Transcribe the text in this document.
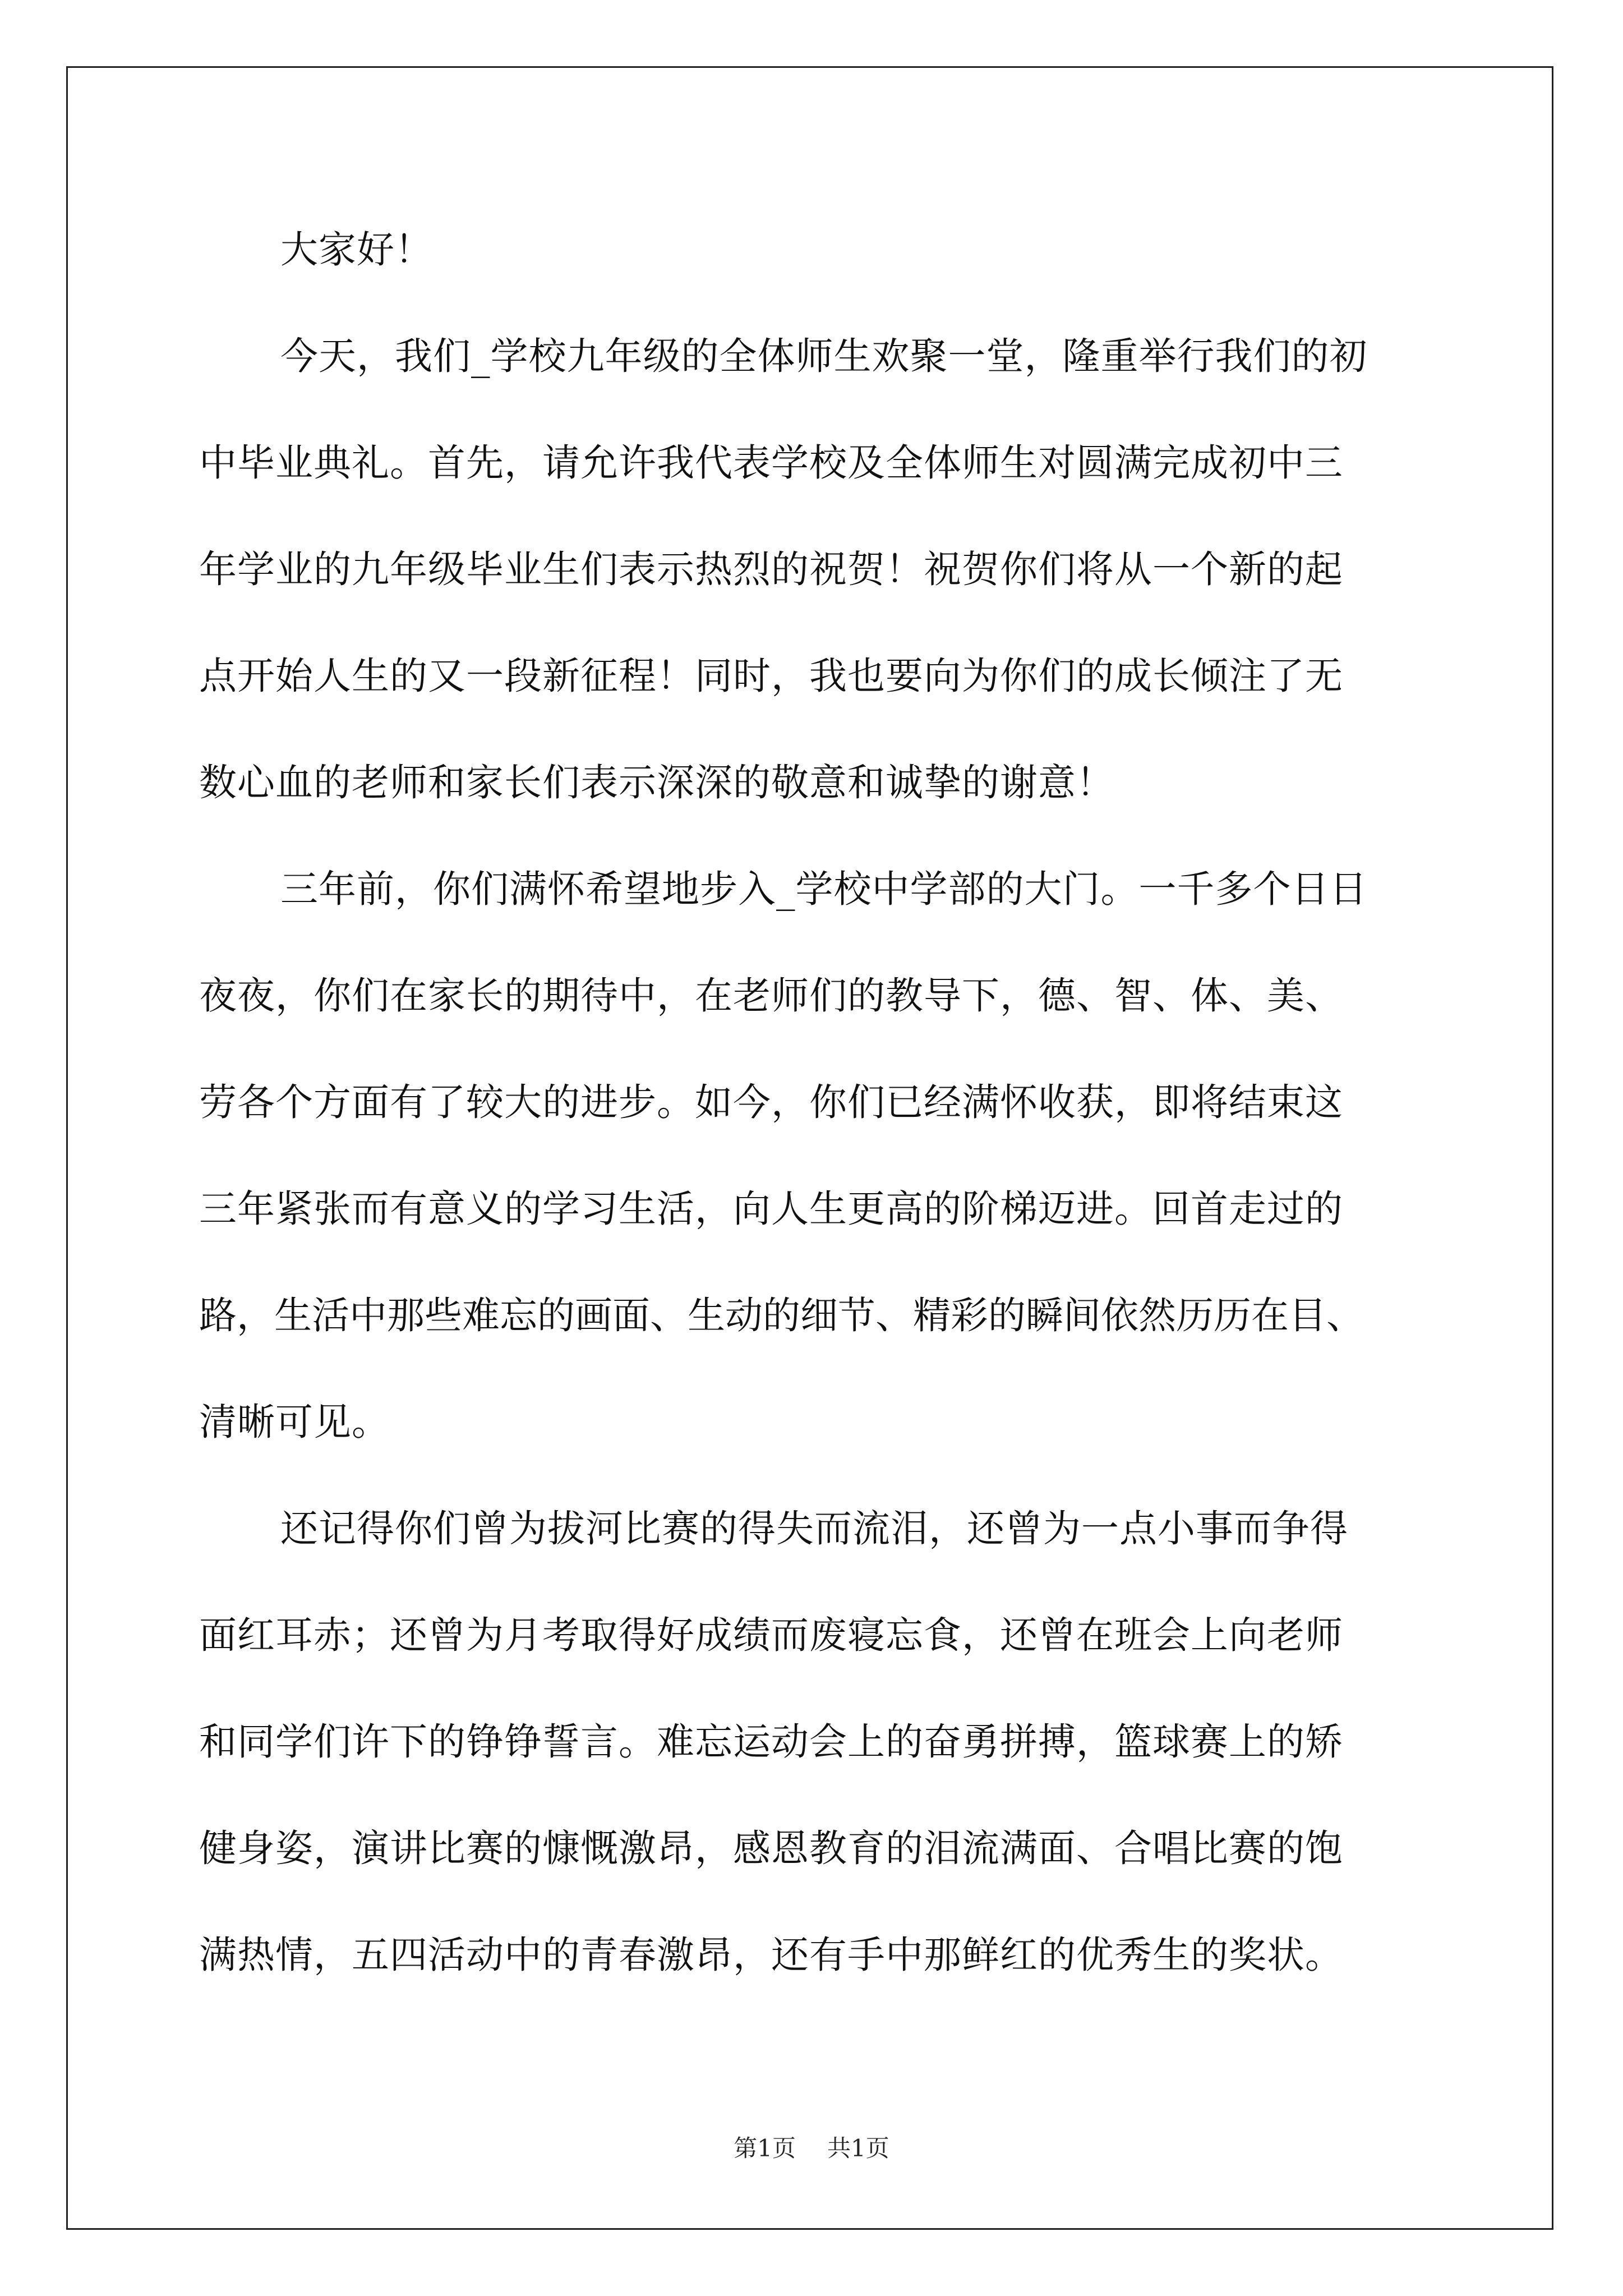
大家好！
今天，我们_学校九年级的全体师生欢聚一堂，隆重举行我们的初
中毕业典礼。首先，请允许我代表学校及全体师生对圆满完成初中三
年学业的九年级毕业生们表示热烈的祝贺！祝贺你们将从一个新的起
点开始人生的又一段新征程！同时，我也要向为你们的成长倾注了无
数心血的老师和家长们表示深深的敬意和诚挚的谢意！
三年前，你们满怀希望地步入_学校中学部的大门。一千多个日日
夜夜，你们在家长的期待中，在老师们的教导下，德、智、体、美、
劳各个方面有了较大的进步。如今，你们已经满怀收获，即将结束这
三年紧张而有意义的学习生活，向人生更高的阶梯迈进。回首走过的
路，生活中那些难忘的画面、生动的细节、精彩的瞬间依然历历在目、
清晰可见。
还记得你们曾为拔河比赛的得失而流泪，还曾为一点小事而争得
面红耳赤；还曾为月考取得好成绩而废寝忘食，还曾在班会上向老师
和同学们许下的铮铮誓言。难忘运动会上的奋勇拼搏，篮球赛上的矫
健身姿，演讲比赛的慷慨激昂，感恩教育的泪流满面、合唱比赛的饱
满热情，五四活动中的青春激昂，还有手中那鲜红的优秀生的奖状。
第1页 共1页
